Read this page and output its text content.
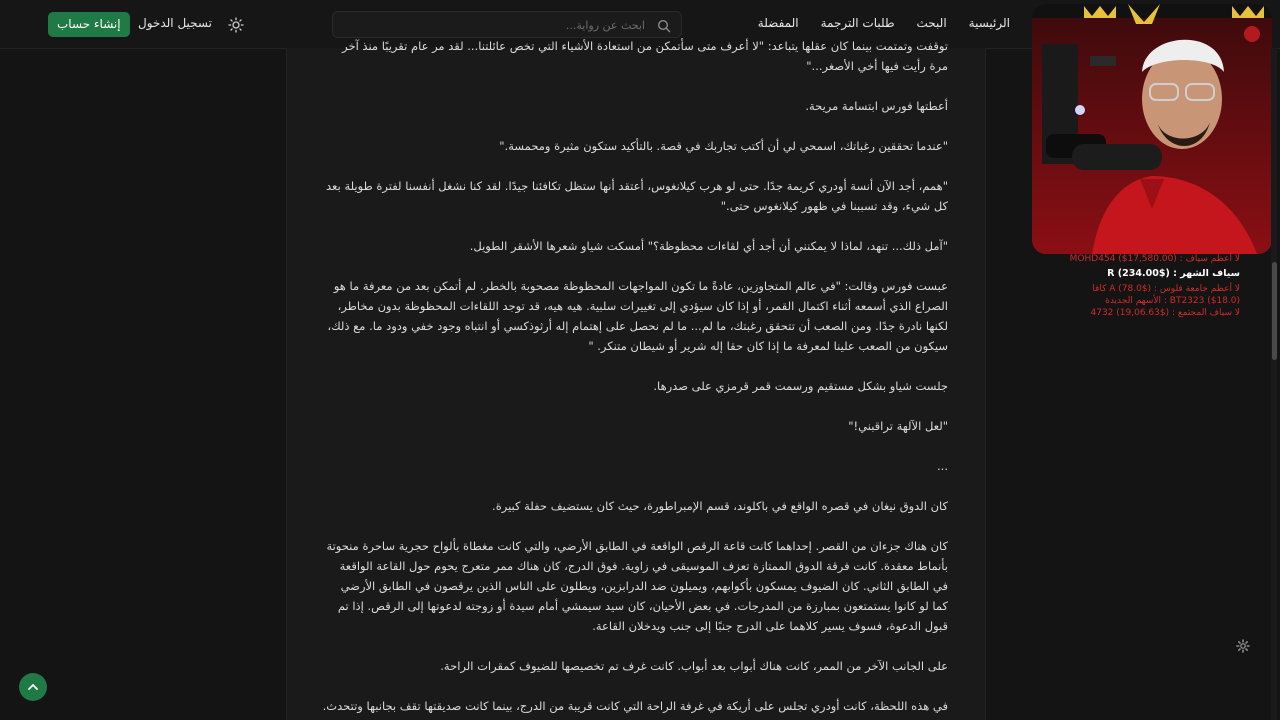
إنشاء حساب	تسجيل الدخول
ابحث عن رواية...	الرئيسية
البحث
طلبات الترجمة
المفضلة

توقفت وتمتمت بينما كان عقلها يتباعد: "لا أعرف متى سأتمكن من استعادة الأشياء التي تخص عائلتنا... لقد مر عام تقريبًا منذ آخر مرة رأيت فيها أخي الأصغر..."

أعطتها فورس ابتسامة مريحة.

"عندما تحققين رغباتك، اسمحي لي أن أكتب تجاربك في قصة. بالتأكيد ستكون مثيرة ومحمسة."

"همم، أجد الآن أنسة أودري كريمة جدًا. حتى لو هرب كيلانغوس، أعتقد أنها ستظل تكافئنا جيدًا. لقد كنا نشغل أنفسنا لفترة طويلة بعد كل شيء، وقد تسببنا في ظهور كيلانغوس حتى."

"آمل ذلك... تنهد، لماذا لا يمكنني أن أجد أي لقاءات محظوظة؟" أمسكت شياو شعرها الأشقر الطويل.

عبست فورس وقالت: "في عالم المتجاوزين، عادةً ما تكون المواجهات المحظوظة مصحوبة بالخطر. لم أتمكن بعد من معرفة ما هو الصراع الذي أسمعه أثناء اكتمال القمر، أو إذا كان سيؤدي إلى تغييرات سلبية. هيه هيه، قد توجد اللقاءات المحظوظة بدون مخاطر، لكنها نادرة جدًا. ومن الصعب أن تتحقق رغبتك، ما لم... ما لم نحصل على إهتمام إله أرثوذكسي أو انتباه وجود خفي ودود ما. مع ذلك، سيكون من الصعب علينا لمعرفة ما إذا كان حقا إله شرير أو شيطان متنكر. "

جلست شياو بشكل مستقيم ورسمت قمر قرمزي على صدرها.

"لعل الآلهة تراقبني!"

...

كان الدوق نيغان في قصره الواقع في باكلوند، قسم الإمبراطورة، حيث كان يستضيف حفلة كبيرة.

كان هناك جزءان من القصر. إحداهما كانت قاعة الرقص الواقعة في الطابق الأرضي، والتي كانت مغطاة بألواح حجرية ساحرة منحوتة بأنماط معقدة. كانت فرقة الدوق الممتازة تعزف الموسيقى في زاوية. فوق الدرج، كان هناك ممر متعرج يحوم حول القاعة الواقعة في الطابق الثاني. كان الضيوف يمسكون بأكوابهم، ويميلون ضد الدرابزين، ويطلون على الناس الذين يرقصون في الطابق الأرضي كما لو كانوا يستمتعون بمبارزة من المدرجات. في بعض الأحيان، كان سيد سيمشي أمام سيدة أو زوجته لدعوتها إلى الرقص. إذا تم قبول الدعوة، فسوف يسير كلاهما على الدرج جنبًا إلى جنب ويدخلان القاعة.

على الجانب الآخر من الممر، كانت هناك أبواب بعد أبواب. كانت غرف تم تخصيصها للضيوف كمقرات الراحة.

في هذه اللحظة، كانت أودري تجلس على أريكة في غرفة الراحة التي كانت قريبة من الدرج، بينما كانت صديقتها تقف بجانبها وتتحدث.

لا أعظم سياف : MOHD454 ($17,580.00)
سياف الشهر : ($234.00) R
لا أعظم جامعة فلوس : ($78.0) A كافا
($18.0) BT2323 : الأسهم الجديدة
لا سياف المجتمع : ($19,06.63) 4732
